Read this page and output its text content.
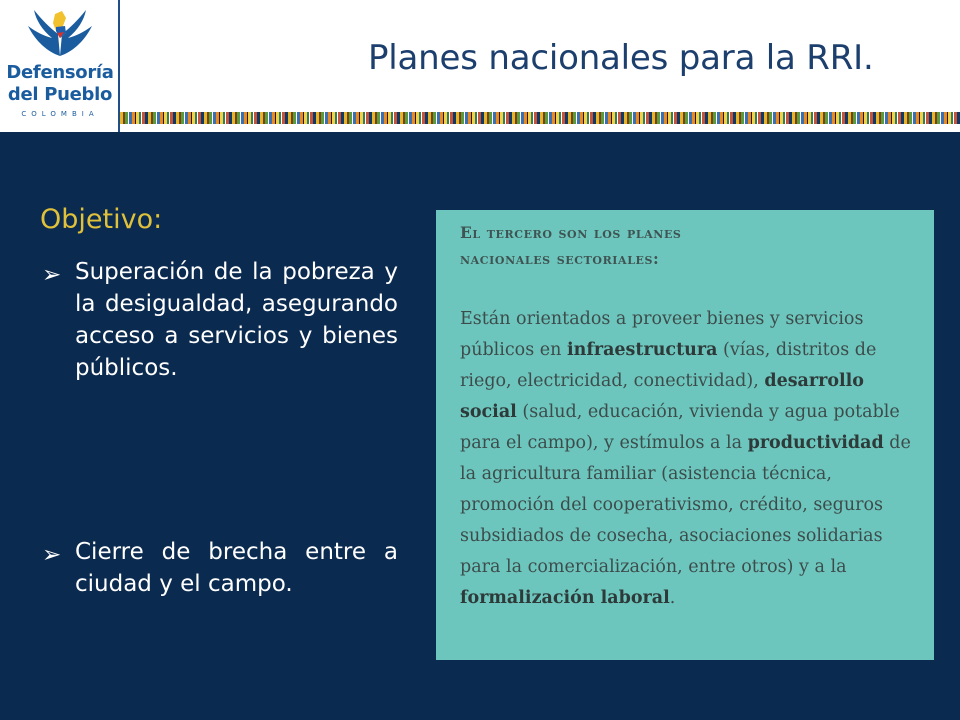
Defensoría
del Pueblo
COLOMBIA
Planes nacionales para la RRI.
Objetivo:
➢ Superación de la pobreza y la desigualdad, asegurando acceso a servicios y bienes públicos.
➢ Cierre de brecha entre a ciudad y el campo.
El tercero son los planes
nacionales sectoriales:
Están orientados a proveer bienes y servicios públicos en infraestructura (vías, distritos de riego, electricidad, conectividad), desarrollo social (salud, educación, vivienda y agua potable para el campo), y estímulos a la productividad de la agricultura familiar (asistencia técnica, promoción del cooperativismo, crédito, seguros subsidiados de cosecha, asociaciones solidarias para la comercialización, entre otros) y a la formalización laboral.
